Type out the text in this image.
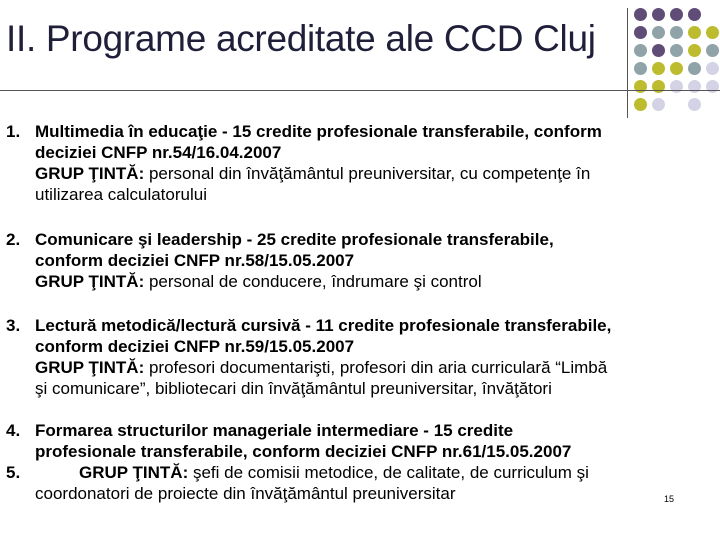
II. Programe acreditate ale CCD Cluj
1. Multimedia în educaţie - 15 credite profesionale transferabile, conform
deciziei CNFP nr.54/16.04.2007
GRUP ŢINTĂ: personal din învăţământul preuniversitar, cu competenţe în
utilizarea calculatorului
2. Comunicare şi leadership - 25 credite profesionale transferabile,
conform deciziei CNFP nr.58/15.05.2007
GRUP ŢINTĂ: personal de conducere, îndrumare şi control
3. Lectură metodică/lectură cursivă - 11 credite profesionale transferabile,
conform deciziei CNFP nr.59/15.05.2007
GRUP ŢINTĂ: profesori documentarişti, profesori din aria curriculară “Limbă
şi comunicare”, bibliotecari din învăţământul preuniversitar, învăţători
4.
5.
Formarea structurilor manageriale intermediare - 15 credite
profesionale transferabile, conform deciziei CNFP nr.61/15.05.2007
GRUP ŢINTĂ: şefi de comisii metodice, de calitate, de curriculum şi
coordonatori de proiecte din învăţământul preuniversitar	15
